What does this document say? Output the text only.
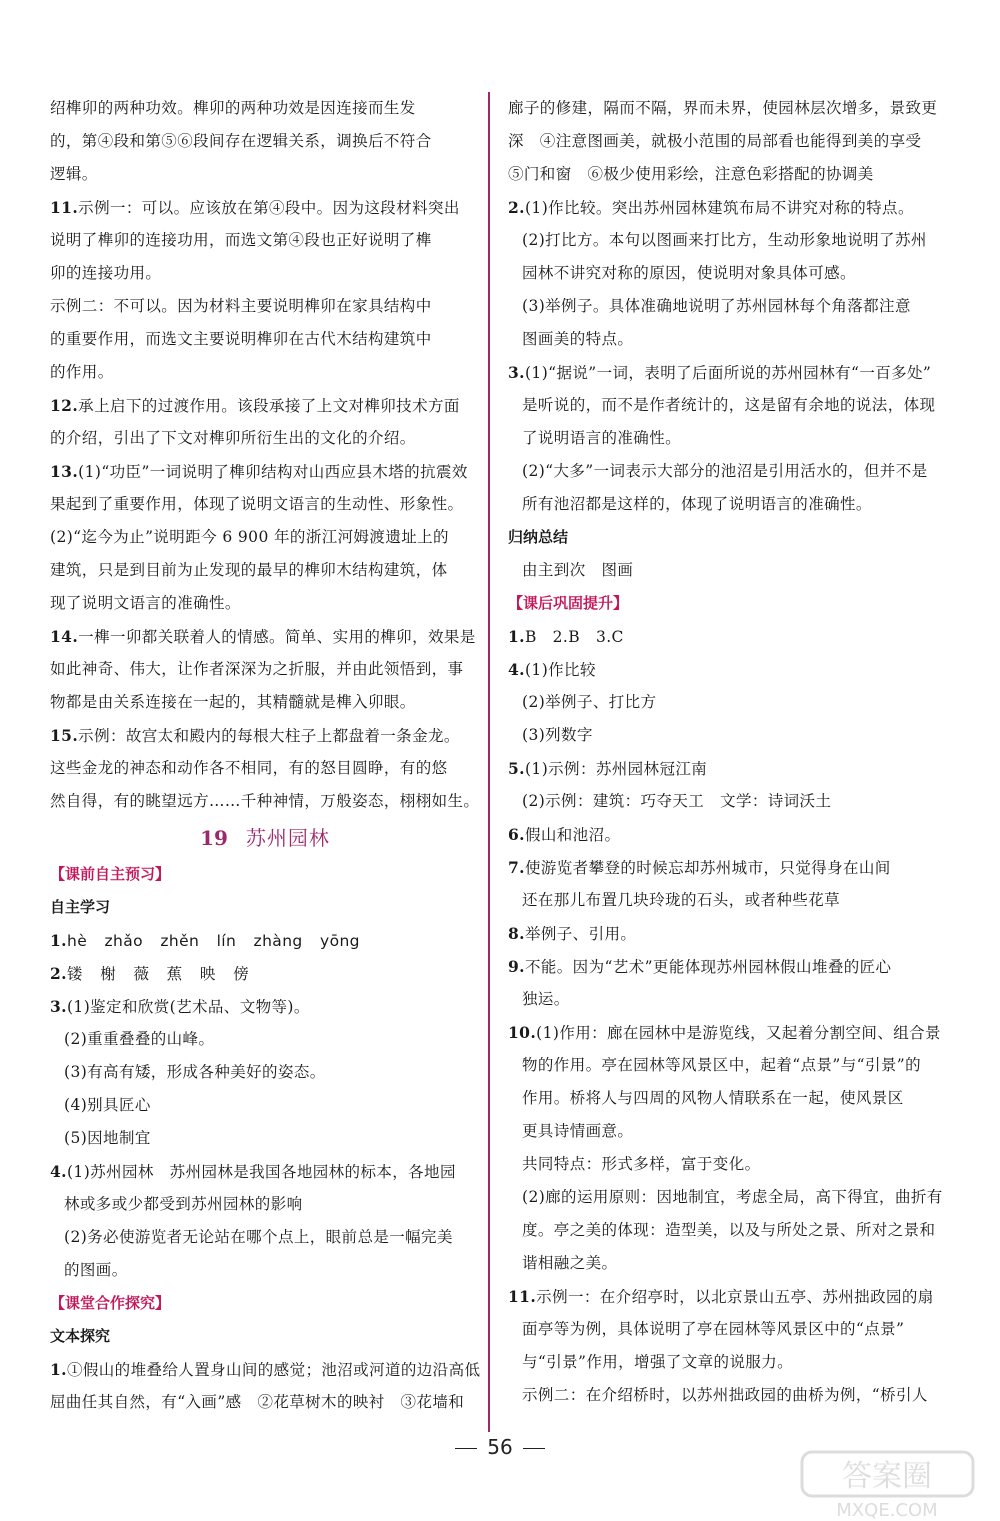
绍榫卯的两种功效。榫卯的两种功效是因连接而生发
的，第④段和第⑤⑥段间存在逻辑关系，调换后不符合
逻辑。
11.示例一：可以。应该放在第④段中。因为这段材料突出
说明了榫卯的连接功用，而选文第④段也正好说明了榫
卯的连接功用。
示例二：不可以。因为材料主要说明榫卯在家具结构中
的重要作用，而选文主要说明榫卯在古代木结构建筑中
的作用。
12.承上启下的过渡作用。该段承接了上文对榫卯技术方面
的介绍，引出了下文对榫卯所衍生出的文化的介绍。
13.(1)“功臣”一词说明了榫卯结构对山西应县木塔的抗震效
果起到了重要作用，体现了说明文语言的生动性、形象性。
(2)“迄今为止”说明距今 6 900 年的浙江河姆渡遗址上的
建筑，只是到目前为止发现的最早的榫卯木结构建筑，体
现了说明文语言的准确性。
14.一榫一卯都关联着人的情感。简单、实用的榫卯，效果是
如此神奇、伟大，让作者深深为之折服，并由此领悟到，事
物都是由关系连接在一起的，其精髓就是榫入卯眼。
15.示例：故宫太和殿内的每根大柱子上都盘着一条金龙。
这些金龙的神态和动作各不相同，有的怒目圆睁，有的悠
然自得，有的眺望远方……千种神情，万般姿态，栩栩如生。
19 苏州园林
【课前自主预习】
自主学习
1.hè zhǎo zhěn lín zhàng yōng
2.镂 榭 薇 蕉 映 傍
3.(1)鉴定和欣赏(艺术品、文物等)。
(2)重重叠叠的山峰。
(3)有高有矮，形成各种美好的姿态。
(4)别具匠心
(5)因地制宜
4.(1)苏州园林　苏州园林是我国各地园林的标本，各地园
林或多或少都受到苏州园林的影响
(2)务必使游览者无论站在哪个点上，眼前总是一幅完美
的图画。
【课堂合作探究】
文本探究
1.①假山的堆叠给人置身山间的感觉；池沼或河道的边沿高低
屈曲任其自然，有“入画”感　②花草树木的映衬　③花墙和
廊子的修建，隔而不隔，界而未界，使园林层次增多，景致更
深　④注意图画美，就极小范围的局部看也能得到美的享受
⑤门和窗　⑥极少使用彩绘，注意色彩搭配的协调美
2.(1)作比较。突出苏州园林建筑布局不讲究对称的特点。
(2)打比方。本句以图画来打比方，生动形象地说明了苏州
园林不讲究对称的原因，使说明对象具体可感。
(3)举例子。具体准确地说明了苏州园林每个角落都注意
图画美的特点。
3.(1)“据说”一词，表明了后面所说的苏州园林有“一百多处”
是听说的，而不是作者统计的，这是留有余地的说法，体现
了说明语言的准确性。
(2)“大多”一词表示大部分的池沼是引用活水的，但并不是
所有池沼都是这样的，体现了说明语言的准确性。
归纳总结
由主到次　图画
【课后巩固提升】
1.B　2.B　3.C
4.(1)作比较
(2)举例子、打比方
(3)列数字
5.(1)示例：苏州园林冠江南
(2)示例：建筑：巧夺天工　文学：诗词沃土
6.假山和池沼。
7.使游览者攀登的时候忘却苏州城市，只觉得身在山间
还在那儿布置几块玲珑的石头，或者种些花草
8.举例子、引用。
9.不能。因为“艺术”更能体现苏州园林假山堆叠的匠心
独运。
10.(1)作用：廊在园林中是游览线，又起着分割空间、组合景
物的作用。亭在园林等风景区中，起着“点景”与“引景”的
作用。桥将人与四周的风物人情联系在一起，使风景区
更具诗情画意。
共同特点：形式多样，富于变化。
(2)廊的运用原则：因地制宜，考虑全局，高下得宜，曲折有
度。亭之美的体现：造型美，以及与所处之景、所对之景和
谐相融之美。
11.示例一：在介绍亭时，以北京景山五亭、苏州拙政园的扇
面亭等为例，具体说明了亭在园林等风景区中的“点景”
与“引景”作用，增强了文章的说服力。
示例二：在介绍桥时，以苏州拙政园的曲桥为例，“桥引人
56
答案圈
MXQE.COM
